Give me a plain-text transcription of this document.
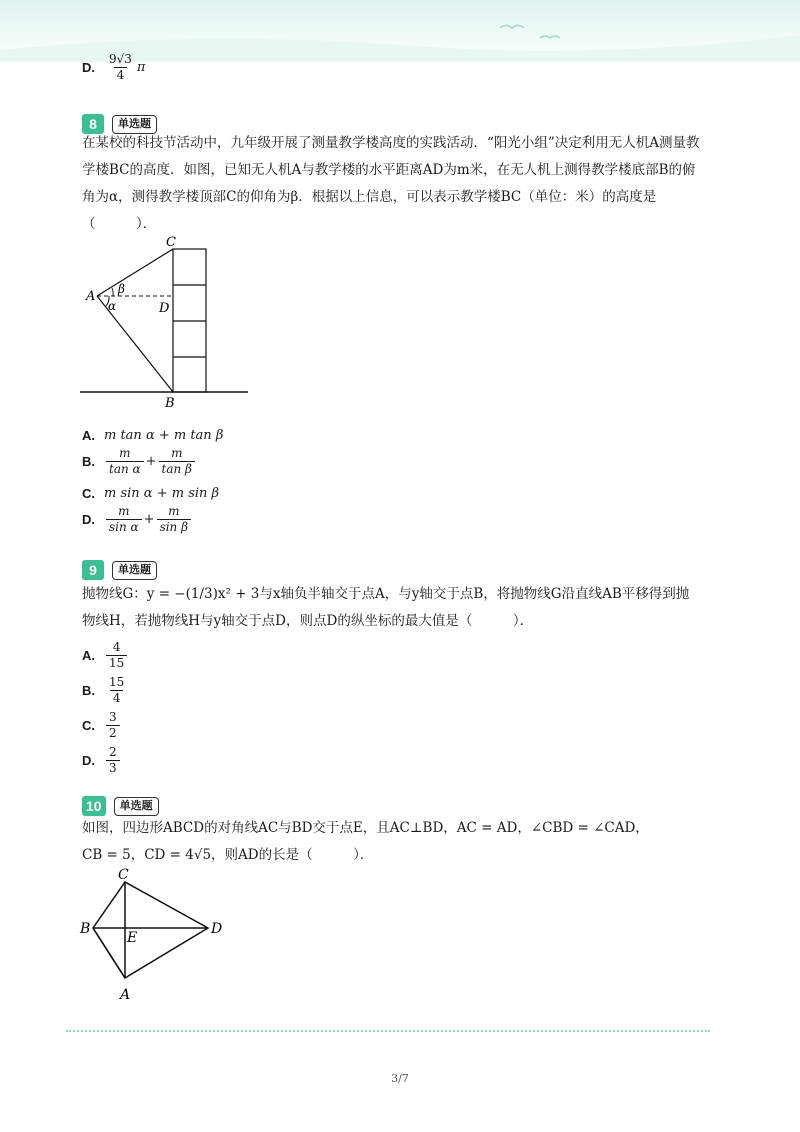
D. $\frac{9√3}{4}$ π
8	单选题
在某校的科技节活动中，九年级开展了测量教学楼高度的实践活动．“阳光小组”决定利用无人机A测量教学楼BC的高度．如图，已知无人机A与教学楼的水平距离AD为m米，在无人机上测得教学楼底部B的俯角为α，测得教学楼顶部C的仰角为β．根据以上信息，可以表示教学楼BC（单位：米）的高度是（　　　）．
C
A
D
B
β
α
A. m tan α + m tan β
B. $\frac{m}{\text{tan α}} + \frac{m}{\text{tan β}}$
C. m sin α + m sin β
D. $\frac{m}{\text{sin α}} + \frac{m}{\text{sin β}}$
9	单选题
抛物线G：y = −(1/3)x² + 3与x轴负半轴交于点A，与y轴交于点B，将抛物线G沿直线AB平移得到抛
物线H，若抛物线H与y轴交于点D，则点D的纵坐标的最大值是（　　　）．
A. $\frac{4}{15}$
B. $\frac{15}{4}$
C. $\frac{3}{2}$
D. $\frac{2}{3}$
10	单选题
如图，四边形ABCD的对角线AC与BD交于点E，且AC⊥BD，AC = AD，∠CBD = ∠CAD，
CB = 5，CD = 4√5，则AD的长是（　　　）．
C
B
E
D
A
3/7
